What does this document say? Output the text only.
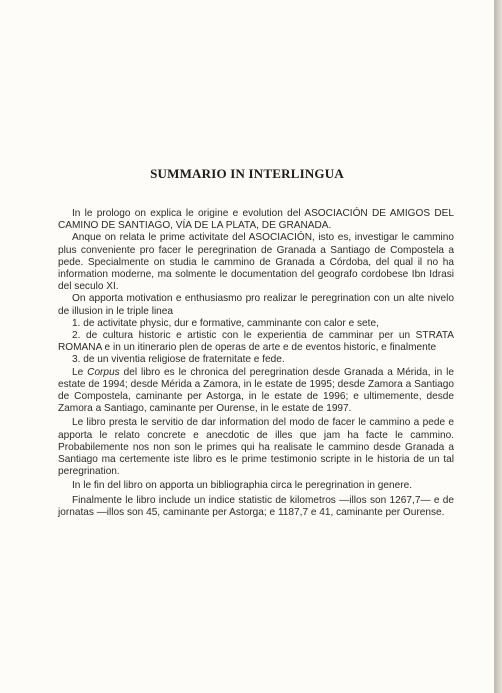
SUMMARIO IN INTERLINGUA

In le prologo on explica le origine e evolution del ASOCIACIÓN DE AMIGOS DEL CAMINO DE SANTIAGO, VÍA DE LA PLATA, DE GRANADA.

Anque on relata le prime activitate del ASOCIACIÓN, isto es, investigar le cammino plus conveniente pro facer le peregrination de Granada a Santiago de Compostela a pede. Specialmente on studia le cammino de Granada a Córdoba, del qual il no ha information moderne, ma solmente le documentation del geografo cordobese Ibn Idrasi del seculo XI.

On apporta motivation e enthusiasmo pro realizar le peregrination con un alte nivelo de illusion in le triple linea

1. de activitate physic, dur e formative, camminante con calor e sete,

2. de cultura historic e artistic con le experientia de camminar per un STRATA ROMANA e in un itinerario plen de operas de arte e de eventos historic, e finalmente

3. de un viventia religiose de fraternitate e fede.

Le Corpus del libro es le chronica del peregrination desde Granada a Mérida, in le estate de 1994; desde Mérida a Zamora, in le estate de 1995; desde Zamora a Santiago de Compostela, caminante per Astorga, in le estate de 1996; e ultimemente, desde Zamora a Santiago, caminante per Ourense, in le estate de 1997.

Le libro presta le servitio de dar information del modo de facer le cammino a pede e apporta le relato concrete e anecdotic de illes que jam ha facte le cammino. Probabilemente nos non son le primes qui ha realisate le cammino desde Granada a Santiago ma certemente iste libro es le prime testimonio scripte in le historia de un tal peregrination.

In le fin del libro on apporta un bibliographia circa le peregrination in genere.

Finalmente le libro include un indice statistic de kilometros —illos son 1267,7— e de jornatas —illos son 45, caminante per Astorga; e 1187,7 e 41, caminante per Ourense.
